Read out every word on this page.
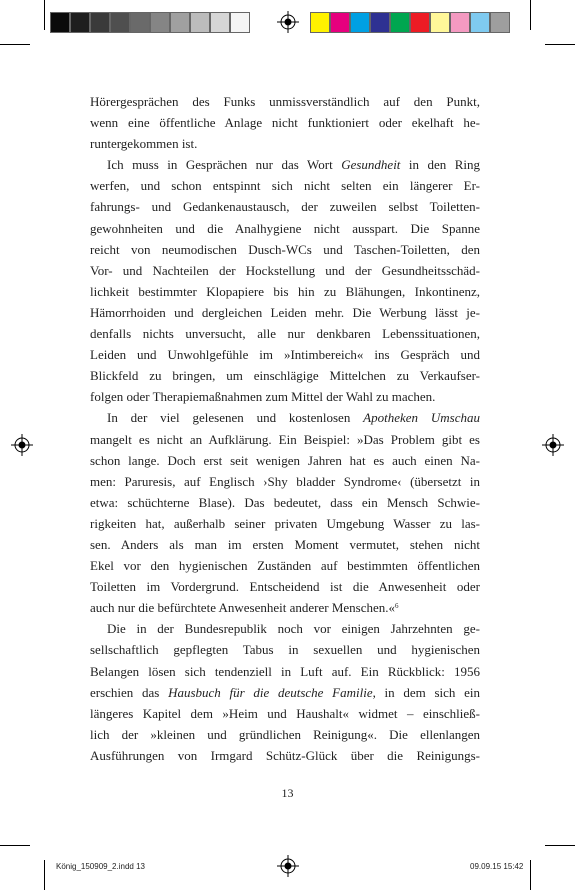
Hörergesprächen des Funks unmissverständlich auf den Punkt,
wenn eine öffentliche Anlage nicht funktioniert oder ekelhaft he-
runtergekommen ist.

Ich muss in Gesprächen nur das Wort Gesundheit in den Ring
werfen, und schon entspinnt sich nicht selten ein längerer Er-
fahrungs- und Gedankenaustausch, der zuweilen selbst Toiletten-
gewohnheiten und die Analhygiene nicht ausspart. Die Spanne
reicht von neumodischen Dusch-WCs und Taschen-Toiletten, den
Vor- und Nachteilen der Hockstellung und der Gesundheitsschäd-
lichkeit bestimmter Klopapiere bis hin zu Blähungen, Inkontinenz,
Hämorrhoiden und dergleichen Leiden mehr. Die Werbung lässt je-
denfalls nichts unversucht, alle nur denkbaren Lebenssituationen,
Leiden und Unwohlgefühle im »Intimbereich« ins Gespräch und
Blickfeld zu bringen, um einschlägige Mittelchen zu Verkaufser-
folgen oder Therapiemaßnahmen zum Mittel der Wahl zu machen.

In der viel gelesenen und kostenlosen Apotheken Umschau
mangelt es nicht an Aufklärung. Ein Beispiel: »Das Problem gibt es
schon lange. Doch erst seit wenigen Jahren hat es auch einen Na-
men: Paruresis, auf Englisch ›Shy bladder Syndrome‹ (übersetzt in
etwa: schüchterne Blase). Das bedeutet, dass ein Mensch Schwie-
rigkeiten hat, außerhalb seiner privaten Umgebung Wasser zu las-
sen. Anders als man im ersten Moment vermutet, stehen nicht
Ekel vor den hygienischen Zuständen auf bestimmten öffentlichen
Toiletten im Vordergrund. Entscheidend ist die Anwesenheit oder
auch nur die befürchtete Anwesenheit anderer Menschen.«$^6$

Die in der Bundesrepublik noch vor einigen Jahrzehnten ge-
sellschaftlich gepflegten Tabus in sexuellen und hygienischen
Belangen lösen sich tendenziell in Luft auf. Ein Rückblick: 1956
erschien das Hausbuch für die deutsche Familie, in dem sich ein
längeres Kapitel dem »Heim und Haushalt« widmet – einschließ-
lich der »kleinen und gründlichen Reinigung«. Die ellenlangen
Ausführungen von Irmgard Schütz-Glück über die Reinigungs-

13
König_150909_2.indd 13	09.09.15 15:42
